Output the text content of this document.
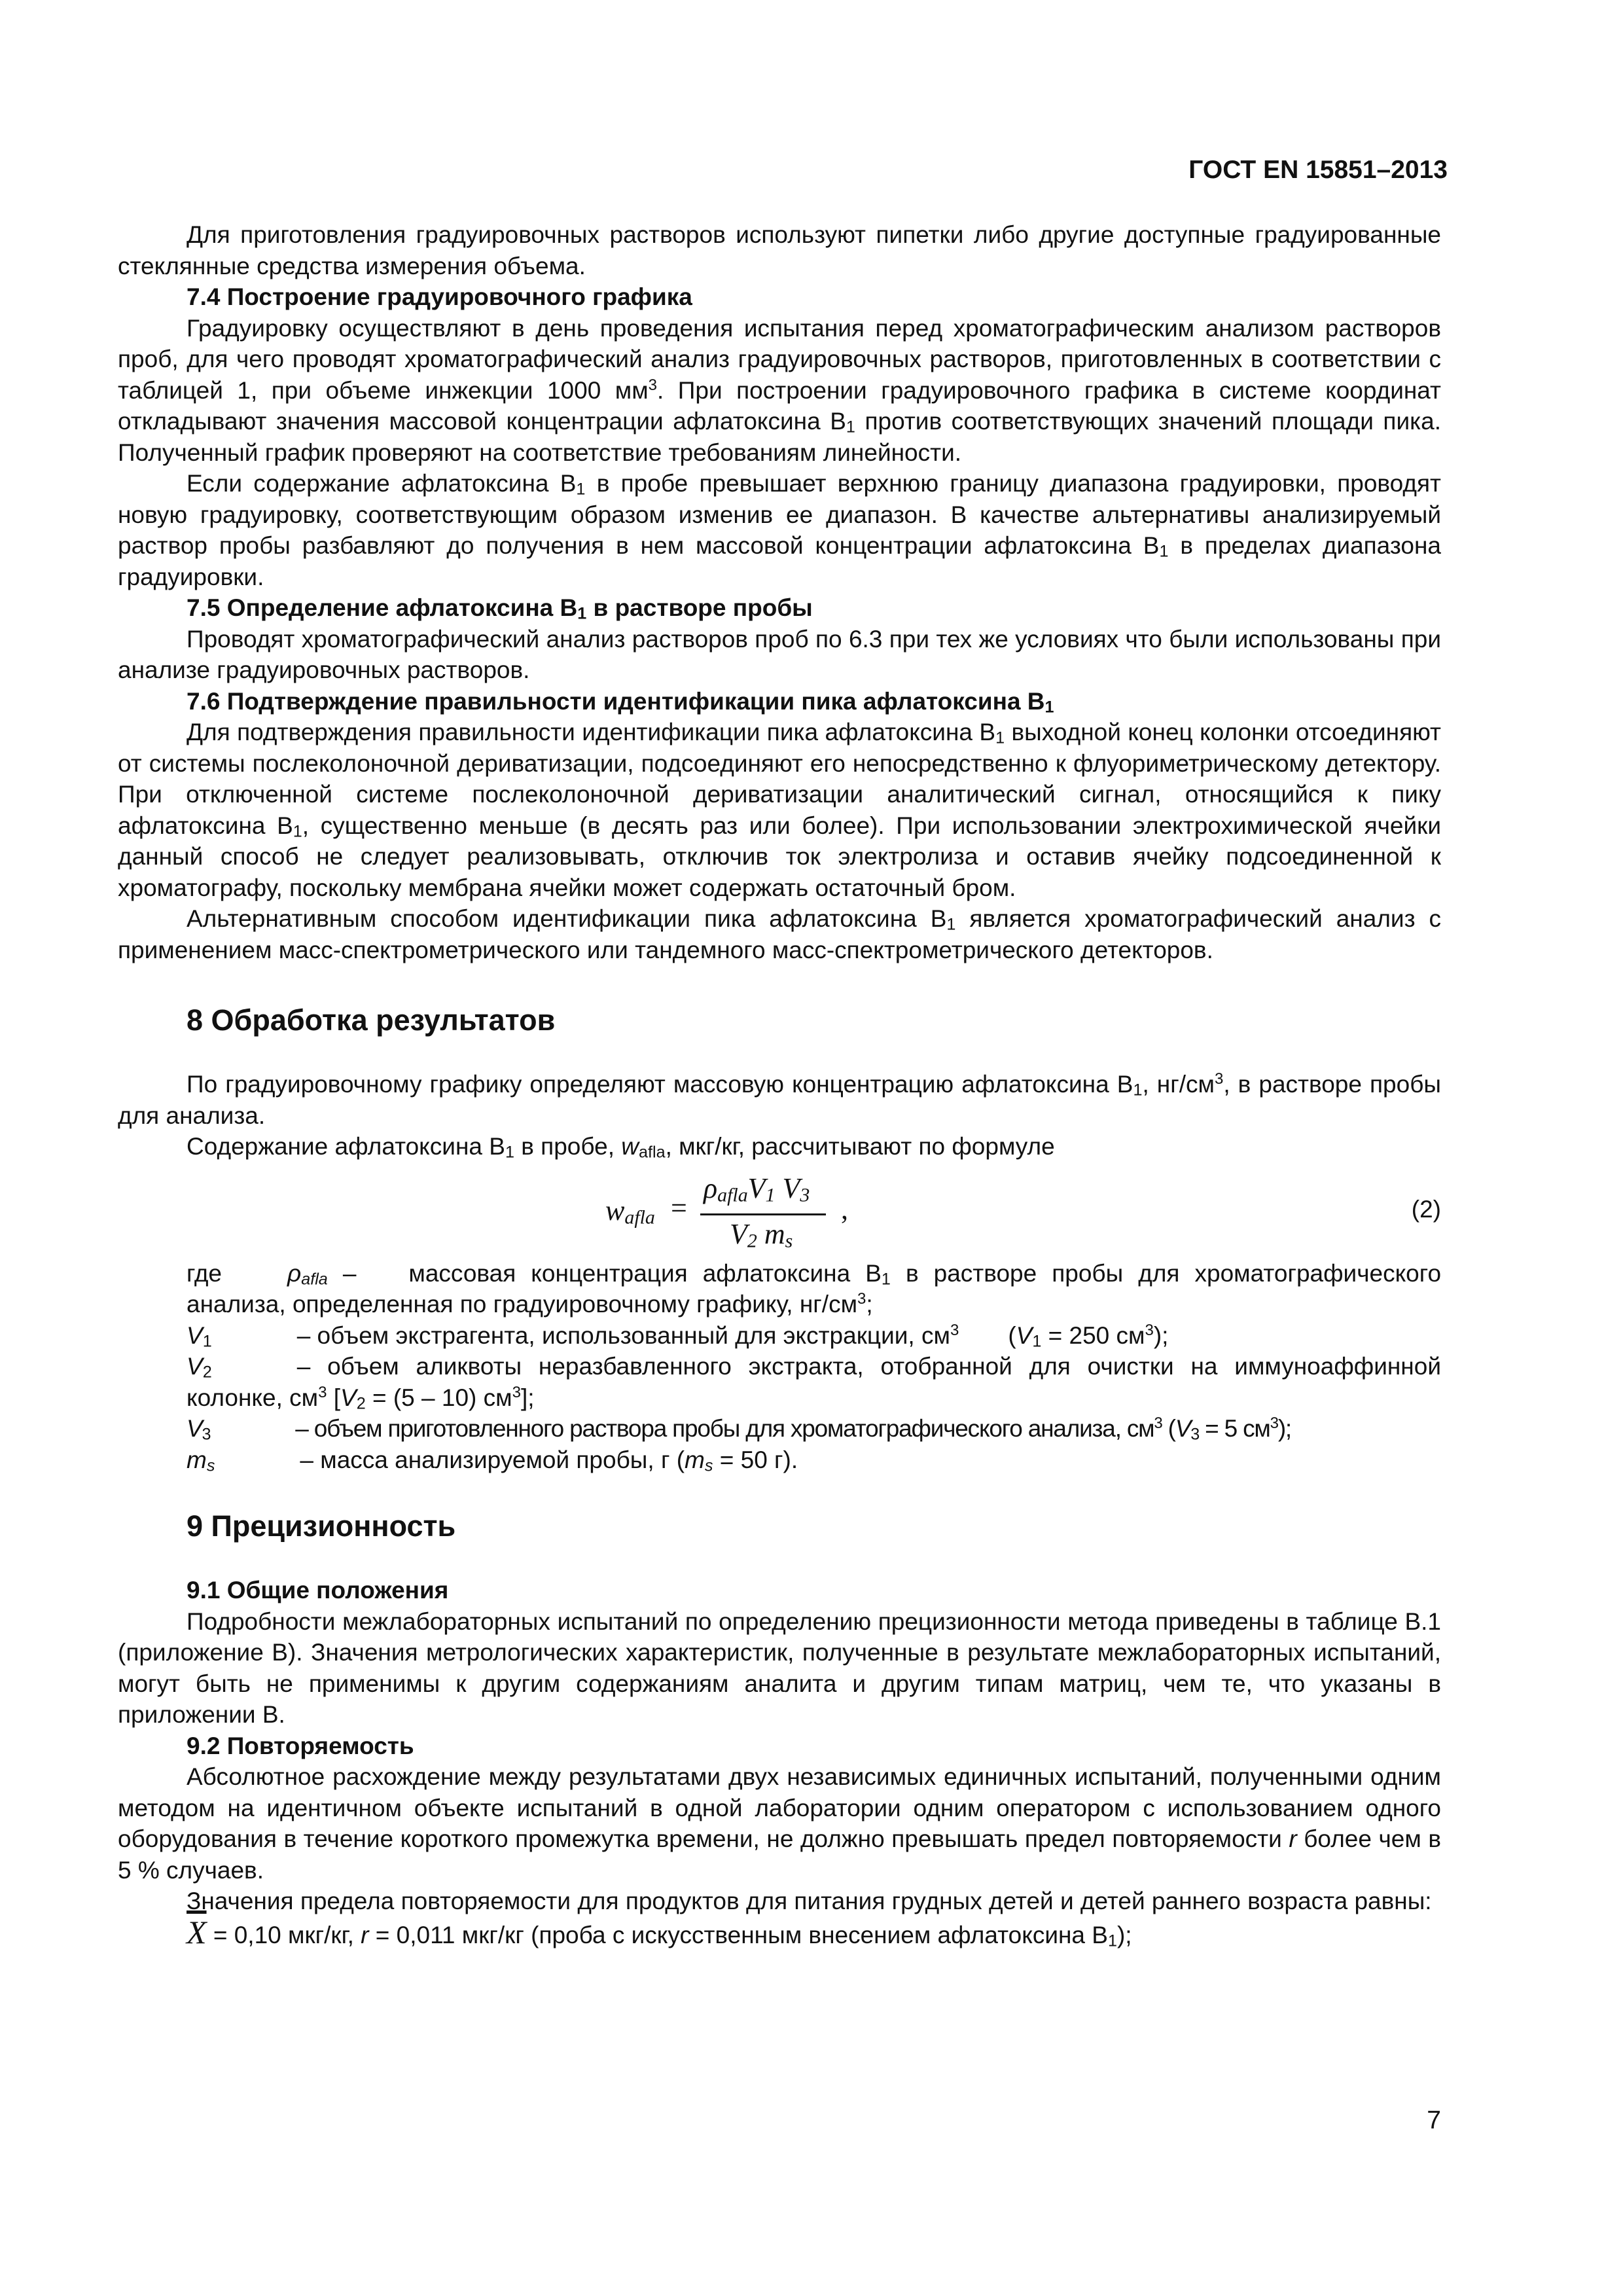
ГОСТ EN 15851–2013

Для приготовления градуировочных растворов используют пипетки либо другие доступные градуированные стеклянные средства измерения объема.

7.4 Построение градуировочного графика

Градуировку осуществляют в день проведения испытания перед хроматографическим анализом растворов проб, для чего проводят хроматографический анализ градуировочных растворов, приготовленных в соответствии с таблицей 1, при объеме инжекции 1000 $мм^3$. При построении градуировочного графика в системе координат откладывают значения массовой концентрации афлатоксина $B_1$ против соответствующих значений площади пика. Полученный график проверяют на соответствие требованиям линейности.

Если содержание афлатоксина $B_1$ в пробе превышает верхнюю границу диапазона градуировки, проводят новую градуировку, соответствующим образом изменив ее диапазон. В качестве альтернативы анализируемый раствор пробы разбавляют до получения в нем массовой концентрации афлатоксина $B_1$ в пределах диапазона градуировки.

7.5 Определение афлатоксина $B_1$ в растворе пробы

Проводят хроматографический анализ растворов проб по 6.3 при тех же условиях что были использованы при анализе градуировочных растворов.

7.6 Подтверждение правильности идентификации пика афлатоксина $B_1$

Для подтверждения правильности идентификации пика афлатоксина $B_1$ выходной конец колонки отсоединяют от системы послеколоночной дериватизации, подсоединяют его непосредственно к флуориметрическому детектору. При отключенной системе послеколоночной дериватизации аналитический сигнал, относящийся к пику афлатоксина $B_1$, существенно меньше (в десять раз или более). При использовании электрохимической ячейки данный способ не следует реализовывать, отключив ток электролиза и оставив ячейку подсоединенной к хроматографу, поскольку мембрана ячейки может содержать остаточный бром.

Альтернативным способом идентификации пика афлатоксина $B_1$ является хроматографический анализ с применением масс-спектрометрического или тандемного масс-спектрометрического детекторов.

8 Обработка результатов

По градуировочному графику определяют массовую концентрацию афлатоксина $B_1$, $нг/см^3$, в растворе пробы для анализа.

Содержание афлатоксина $B_1$ в пробе, $w_{afla}$, мкг/кг, рассчитывают по формуле

$w_{afla}$ =
$\rho_{afla}V_1$ $V_3$
$V_2$ $m_s$
,	(2)
где	$\rho_{afla}$ – массовая концентрация афлатоксина $B_1$ в растворе пробы для хроматографического анализа, определенная по градуировочному графику, $нг/см^3$;
$V_1$	– объем экстрагента, использованный для экстракции, $см^3$ ($V_1 = 250$ $см^3$);
$V_2$	– объем аликвоты неразбавленного экстракта, отобранной для очистки на иммуноаффинной колонке, $см^3$ [$V_2 = (5 - 10)$ $см^3$];
$V_3$	– объем приготовленного раствора пробы для хроматографического анализа, $см^3$ ($V_3 = 5$ $см^3$);
$m_s$	– масса анализируемой пробы, г ($m_s = 50$ г).
9 Прецизионность
9.1 Общие положения

Подробности межлабораторных испытаний по определению прецизионности метода приведены в таблице B.1 (приложение B). Значения метрологических характеристик, полученные в результате межлабораторных испытаний, могут быть не применимы к другим содержаниям аналита и другим типам матриц, чем те, что указаны в приложении B.

9.2 Повторяемость

Абсолютное расхождение между результатами двух независимых единичных испытаний, полученными одним методом на идентичном объекте испытаний в одной лаборатории одним оператором с использованием одного оборудования в течение короткого промежутка времени, не должно превышать предел повторяемости r более чем в 5 % случаев.

Значения предела повторяемости для продуктов для питания грудных детей и детей раннего возраста равны:

$\overline{X} = 0,10$ мкг/кг, r = 0,011 мкг/кг (проба с искусственным внесением афлатоксина $B_1$);

7
